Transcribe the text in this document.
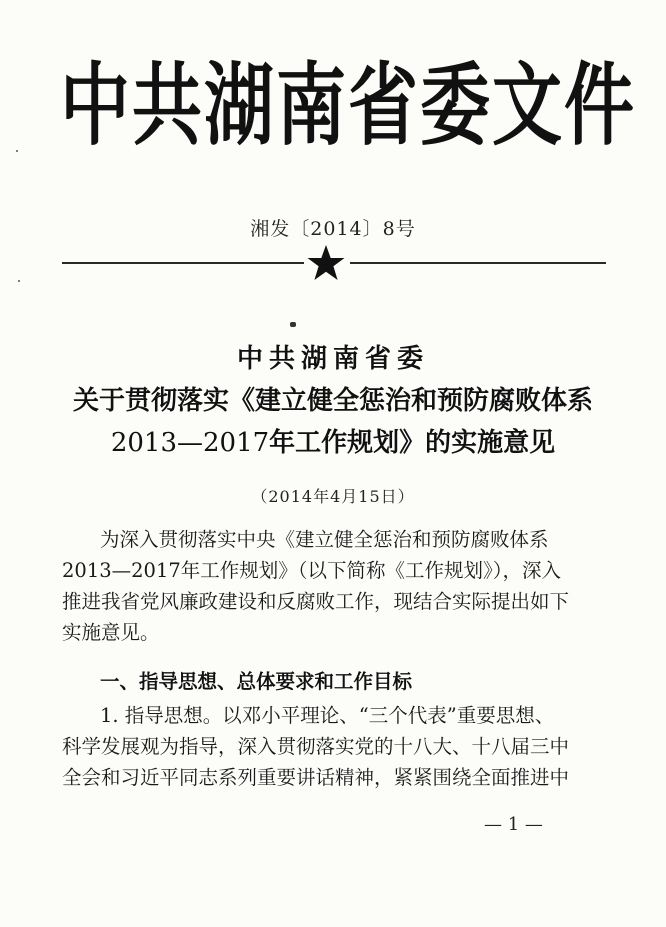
中共湖南省委文件
湘发〔2014〕8号
中共湖南省委
关于贯彻落实《建立健全惩治和预防腐败体系
2013—2017年工作规划》的实施意见
（2014年4月15日）
为深入贯彻落实中央《建立健全惩治和预防腐败体系
2013—2017年工作规划》（以下简称《工作规划》），深入
推进我省党风廉政建设和反腐败工作，现结合实际提出如下
实施意见。
一、指导思想、总体要求和工作目标
1. 指导思想。以邓小平理论、“三个代表”重要思想、
科学发展观为指导，深入贯彻落实党的十八大、十八届三中
全会和习近平同志系列重要讲话精神，紧紧围绕全面推进中
— 1 —
